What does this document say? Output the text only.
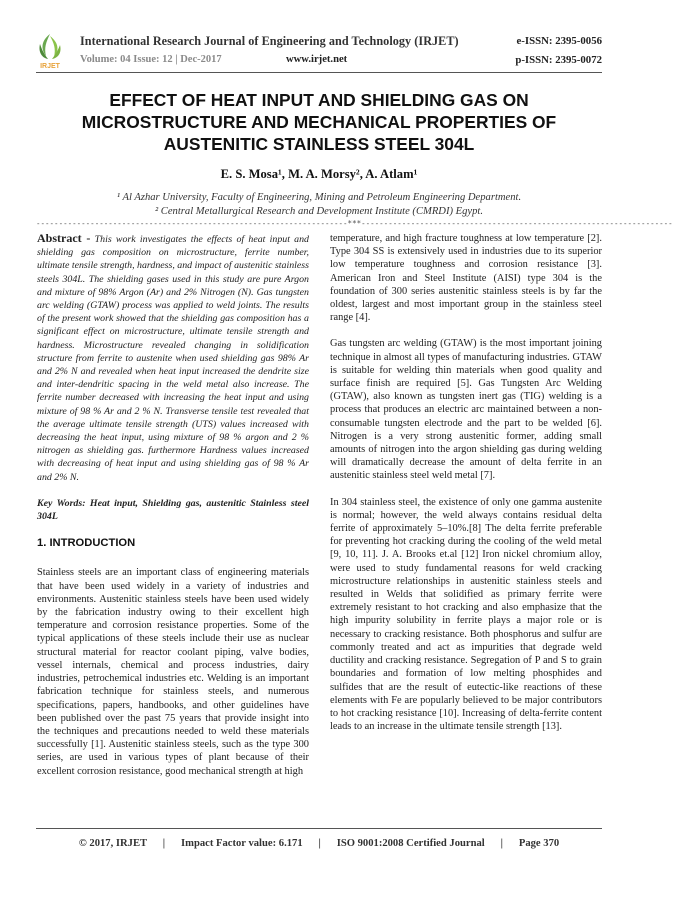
IRJET
International Research Journal of Engineering and Technology (IRJET)	e-ISSN: 2395-0056
Volume: 04 Issue: 12 | Dec-2017	www.irjet.net	p-ISSN: 2395-0072
EFFECT OF HEAT INPUT AND SHIELDING GAS ON MICROSTRUCTURE AND MECHANICAL PROPERTIES OF AUSTENITIC STAINLESS STEEL 304L
E. S. Mosa¹, M. A. Morsy², A. Atlam¹
¹ Al Azhar University, Faculty of Engineering, Mining and Petroleum Engineering Department.
² Central Metallurgical Research and Development Institute (CMRDI) Egypt.
---------------------------------------------------------------------***---------------------------------------------------------------------

Abstract - This work investigates the effects of heat input and shielding gas composition on microstructure, ferrite number, ultimate tensile strength, hardness, and impact of austenitic stainless steels 304L. The shielding gases used in this study are pure Argon and mixture of 98% Argon (Ar) and 2% Nitrogen (N). Gas tungsten arc welding (GTAW) process was applied to weld joints. The results of the present work showed that the shielding gas composition has a significant effect on microstructure, ultimate tensile strength and hardness. Microstructure revealed changing in solidification structure from ferrite to austenite when used shielding gas 98% Ar and 2% N and revealed when heat input increased the dendrite size and inter-dendritic spacing in the weld metal also increase. The ferrite number decreased with increasing the heat input and using mixture of 98 % Ar and 2 % N. Transverse tensile test revealed that the average ultimate tensile strength (UTS) values increased with decreasing the heat input, using mixture of 98 % argon and 2 % nitrogen as shielding gas. furthermore Hardness values increased with decreasing of heat input and using shielding gas of 98 % Ar and 2% N.

Key Words: Heat input, Shielding gas, austenitic Stainless steel 304L

1. INTRODUCTION

Stainless steels are an important class of engineering materials that have been used widely in a variety of industries and environments. Austenitic stainless steels have been used widely by the fabrication industry owing to their excellent high temperature and corrosion resistance properties. Some of the typical applications of these steels include their use as nuclear structural material for reactor coolant piping, valve bodies, vessel internals, chemical and process industries, dairy industries, petrochemical industries etc. Welding is an important fabrication technique for stainless steels, and numerous specifications, papers, handbooks, and other guidelines have been published over the past 75 years that provide insight into the techniques and precautions needed to weld these materials successfully [1]. Austenitic stainless steels, such as the type 300 series, are used in various types of plant because of their excellent corrosion resistance, good mechanical strength at high

temperature, and high fracture toughness at low temperature [2]. Type 304 SS is extensively used in industries due to its superior low temperature toughness and corrosion resistance [3]. American Iron and Steel Institute (AISI) type 304 is the foundation of 300 series austenitic stainless steels is by far the oldest, largest and most important group in the stainless steel range [4].

Gas tungsten arc welding (GTAW) is the most important joining technique in almost all types of manufacturing industries. GTAW is suitable for welding thin materials when good quality and surface finish are required [5]. Gas Tungsten Arc Welding (GTAW), also known as tungsten inert gas (TIG) welding is a process that produces an electric arc maintained between a non-consumable tungsten electrode and the part to be welded [6]. Nitrogen is a very strong austenitic former, adding small amounts of nitrogen into the argon shielding gas during welding will dramatically decrease the amount of delta ferrite in an austenitic stainless steel weld metal [7].

In 304 stainless steel, the existence of only one gamma austenite is normal; however, the weld always contains residual delta ferrite of approximately 5–10%.[8] The delta ferrite preferable for preventing hot cracking during the cooling of the weld metal [9, 10, 11]. J. A. Brooks et.al [12] Iron nickel chromium alloy, were used to study fundamental reasons for weld cracking microstructure relationships in austenitic stainless steels and resulted in Welds that solidified as primary ferrite were extremely resistant to hot cracking and also emphasize that the high impurity solubility in ferrite plays a major role or is necessary to cracking resistance. Both phosphorus and sulfur are commonly treated and act as impurities that degrade weld ductility and cracking resistance. Segregation of P and S to grain boundaries and formation of low melting phosphides and sulfides that are the result of eutectic-like reactions of these elements with Fe are popularly believed to be major contributors to hot cracking resistance [10]. Increasing of delta-ferrite content leads to an increase in the ultimate tensile strength [13].

© 2017, IRJET      |      Impact Factor value: 6.171      |      ISO 9001:2008 Certified Journal      |      Page 370
